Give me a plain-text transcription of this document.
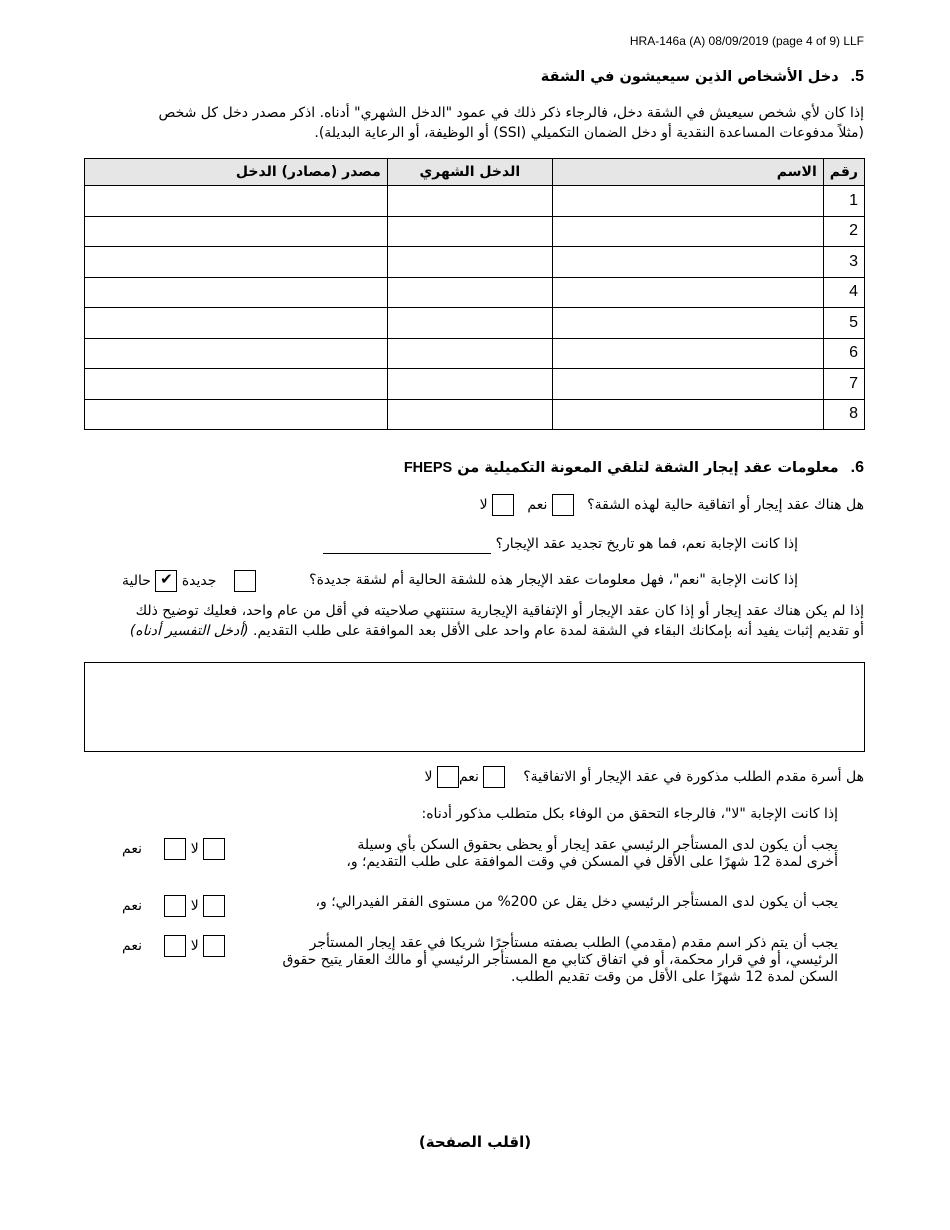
HRA-146a (A) 08/09/2019 (page 4 of 9) LLF
5.دخل الأشخاص الذين سيعيشون في الشقة
إذا كان لأي شخص سيعيش في الشقة دخل، فالرجاء ذكر ذلك في عمود "الدخل الشهري" أدناه. اذكر مصدر دخل كل شخص
(مثلاً مدفوعات المساعدة النقدية أو دخل الضمان التكميلي (SSI) أو الوظيفة، أو الرعاية البديلة).
رقم	الاسم	الدخل الشهري	مصدر (مصادر) الدخل
1			
2			
3			
4			
5			
6			
7			
8			
6.معلومات عقد إيجار الشقة لتلقي المعونة التكميلية من FHEPS
هل هناك عقد إيجار أو اتفاقية حالية لهذه الشقة؟    نعم    لا
إذا كانت الإجابة نعم، فما هو تاريخ تجديد عقد الإيجار؟
إذا كانت الإجابة "نعم"، فهل معلومات عقد الإيجار هذه للشقة الحالية أم لشقة جديدة؟
جديدة ✔ حالية
إذا لم يكن هناك عقد إيجار أو إذا كان عقد الإيجار أو الإتفاقية الإيجارية ستنتهي صلاحيته في أقل من عام واحد، فعليك توضيح ذلك
أو تقديم إثبات يفيد أنه بإمكانك البقاء في الشقة لمدة عام واحد على الأقل بعد الموافقة على طلب التقديم. (أدخل التفسير أدناه)
هل أسرة مقدم الطلب مذكورة في عقد الإيجار أو الاتفاقية؟     نعم لا
إذا كانت الإجابة "لا"، فالرجاء التحقق من الوفاء بكل متطلب مذكور أدناه:
يجب أن يكون لدى المستأجر الرئيسي عقد إيجار أو يحظى بحقوق السكن بأي وسيلة
أخرى لمدة 12 شهرًا على الأقل في المسكن في وقت الموافقة على طلب التقديم؛ و،
لا      نعم
يجب أن يكون لدى المستأجر الرئيسي دخل يقل عن 200% من مستوى الفقر الفيدرالي؛ و،
لا      نعم
يجب أن يتم ذكر اسم مقدم (مقدمي) الطلب بصفته مستأجرًا شريكا في عقد إيجار المستأجر
الرئيسي، أو في قرار محكمة، أو في اتفاق كتابي مع المستأجر الرئيسي أو مالك العقار يتيح حقوق
السكن لمدة 12 شهرًا على الأقل من وقت تقديم الطلب.
لا      نعم
(اقلب الصفحة)
